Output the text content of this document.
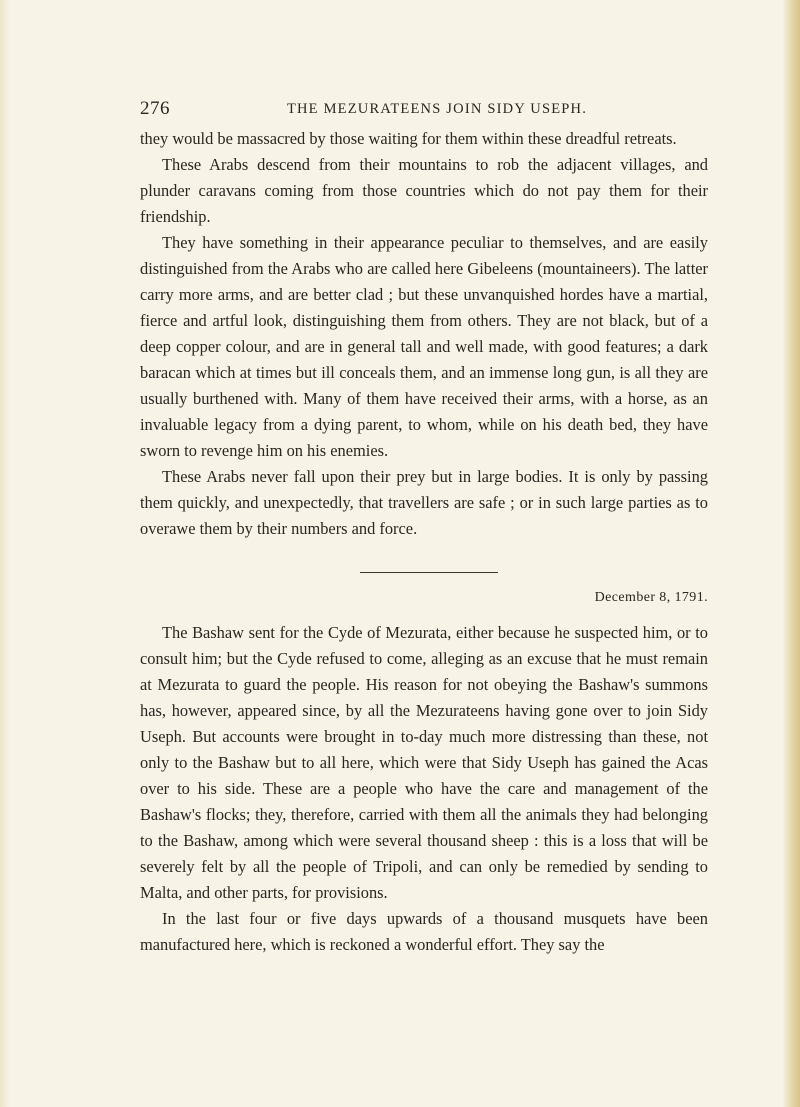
276	THE MEZURATEENS JOIN SIDY USEPH.

they would be massacred by those waiting for them within these dreadful retreats.

These Arabs descend from their mountains to rob the adjacent villages, and plunder caravans coming from those countries which do not pay them for their friendship.

They have something in their appearance peculiar to themselves, and are easily distinguished from the Arabs who are called here Gibeleens (mountaineers). The latter carry more arms, and are better clad ; but these unvanquished hordes have a martial, fierce and artful look, distinguishing them from others. They are not black, but of a deep copper colour, and are in general tall and well made, with good features; a dark baracan which at times but ill conceals them, and an immense long gun, is all they are usually burthened with. Many of them have received their arms, with a horse, as an invaluable legacy from a dying parent, to whom, while on his death bed, they have sworn to revenge him on his enemies.

These Arabs never fall upon their prey but in large bodies. It is only by passing them quickly, and unexpectedly, that travellers are safe ; or in such large parties as to overawe them by their numbers and force.

December 8, 1791.

The Bashaw sent for the Cyde of Mezurata, either because he suspected him, or to consult him; but the Cyde refused to come, alleging as an excuse that he must remain at Mezurata to guard the people. His reason for not obeying the Bashaw's summons has, however, appeared since, by all the Mezurateens having gone over to join Sidy Useph. But accounts were brought in to-day much more distressing than these, not only to the Bashaw but to all here, which were that Sidy Useph has gained the Acas over to his side. These are a people who have the care and management of the Bashaw's flocks; they, therefore, carried with them all the animals they had belonging to the Bashaw, among which were several thousand sheep : this is a loss that will be severely felt by all the people of Tripoli, and can only be remedied by sending to Malta, and other parts, for provisions.

In the last four or five days upwards of a thousand musquets have been manufactured here, which is reckoned a wonderful effort. They say the
